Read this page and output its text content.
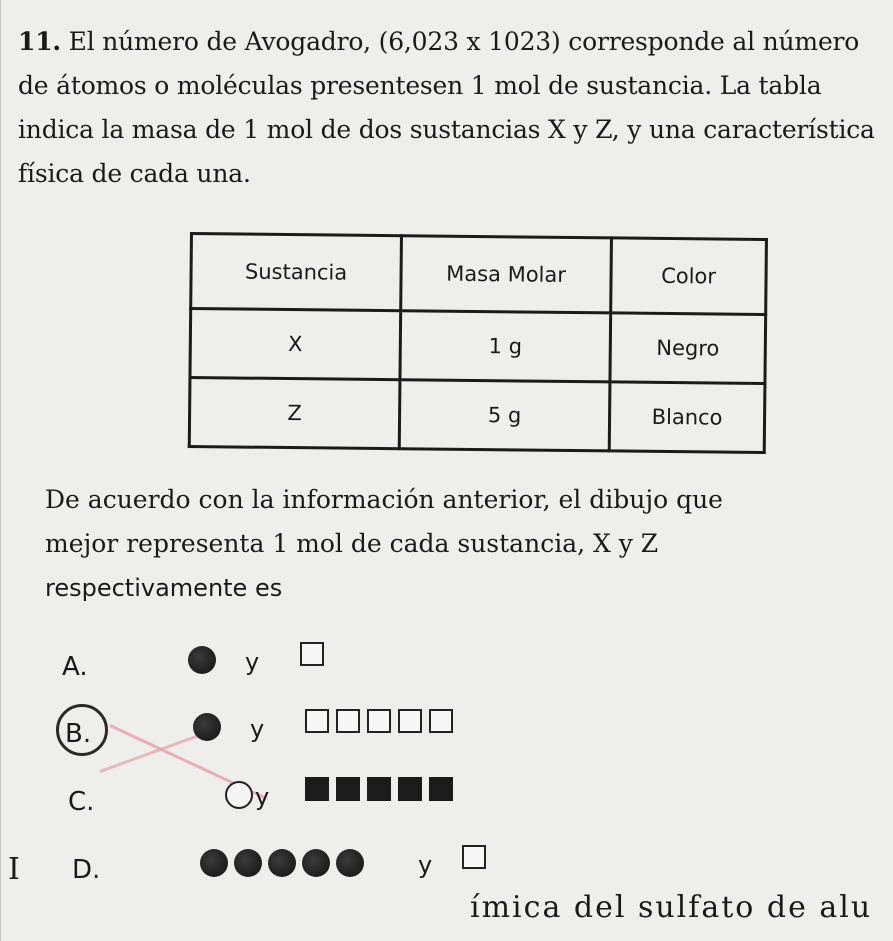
11. El número de Avogadro, (6,023 x 1023) corresponde al número de átomos o moléculas presentesen 1 mol de sustancia. La tabla indica la masa de 1 mol de dos sustancias X y Z, y una característica física de cada una.
Sustancia	Masa Molar	Color
X	1 g	Negro
Z	5 g	Blanco
De acuerdo con la información anterior, el dibujo que
mejor representa 1 mol de cada sustancia, X y Z
respectivamente es
A.	y
B.	y
C.	y
D.	y
I
ímica del sulfato de alu
